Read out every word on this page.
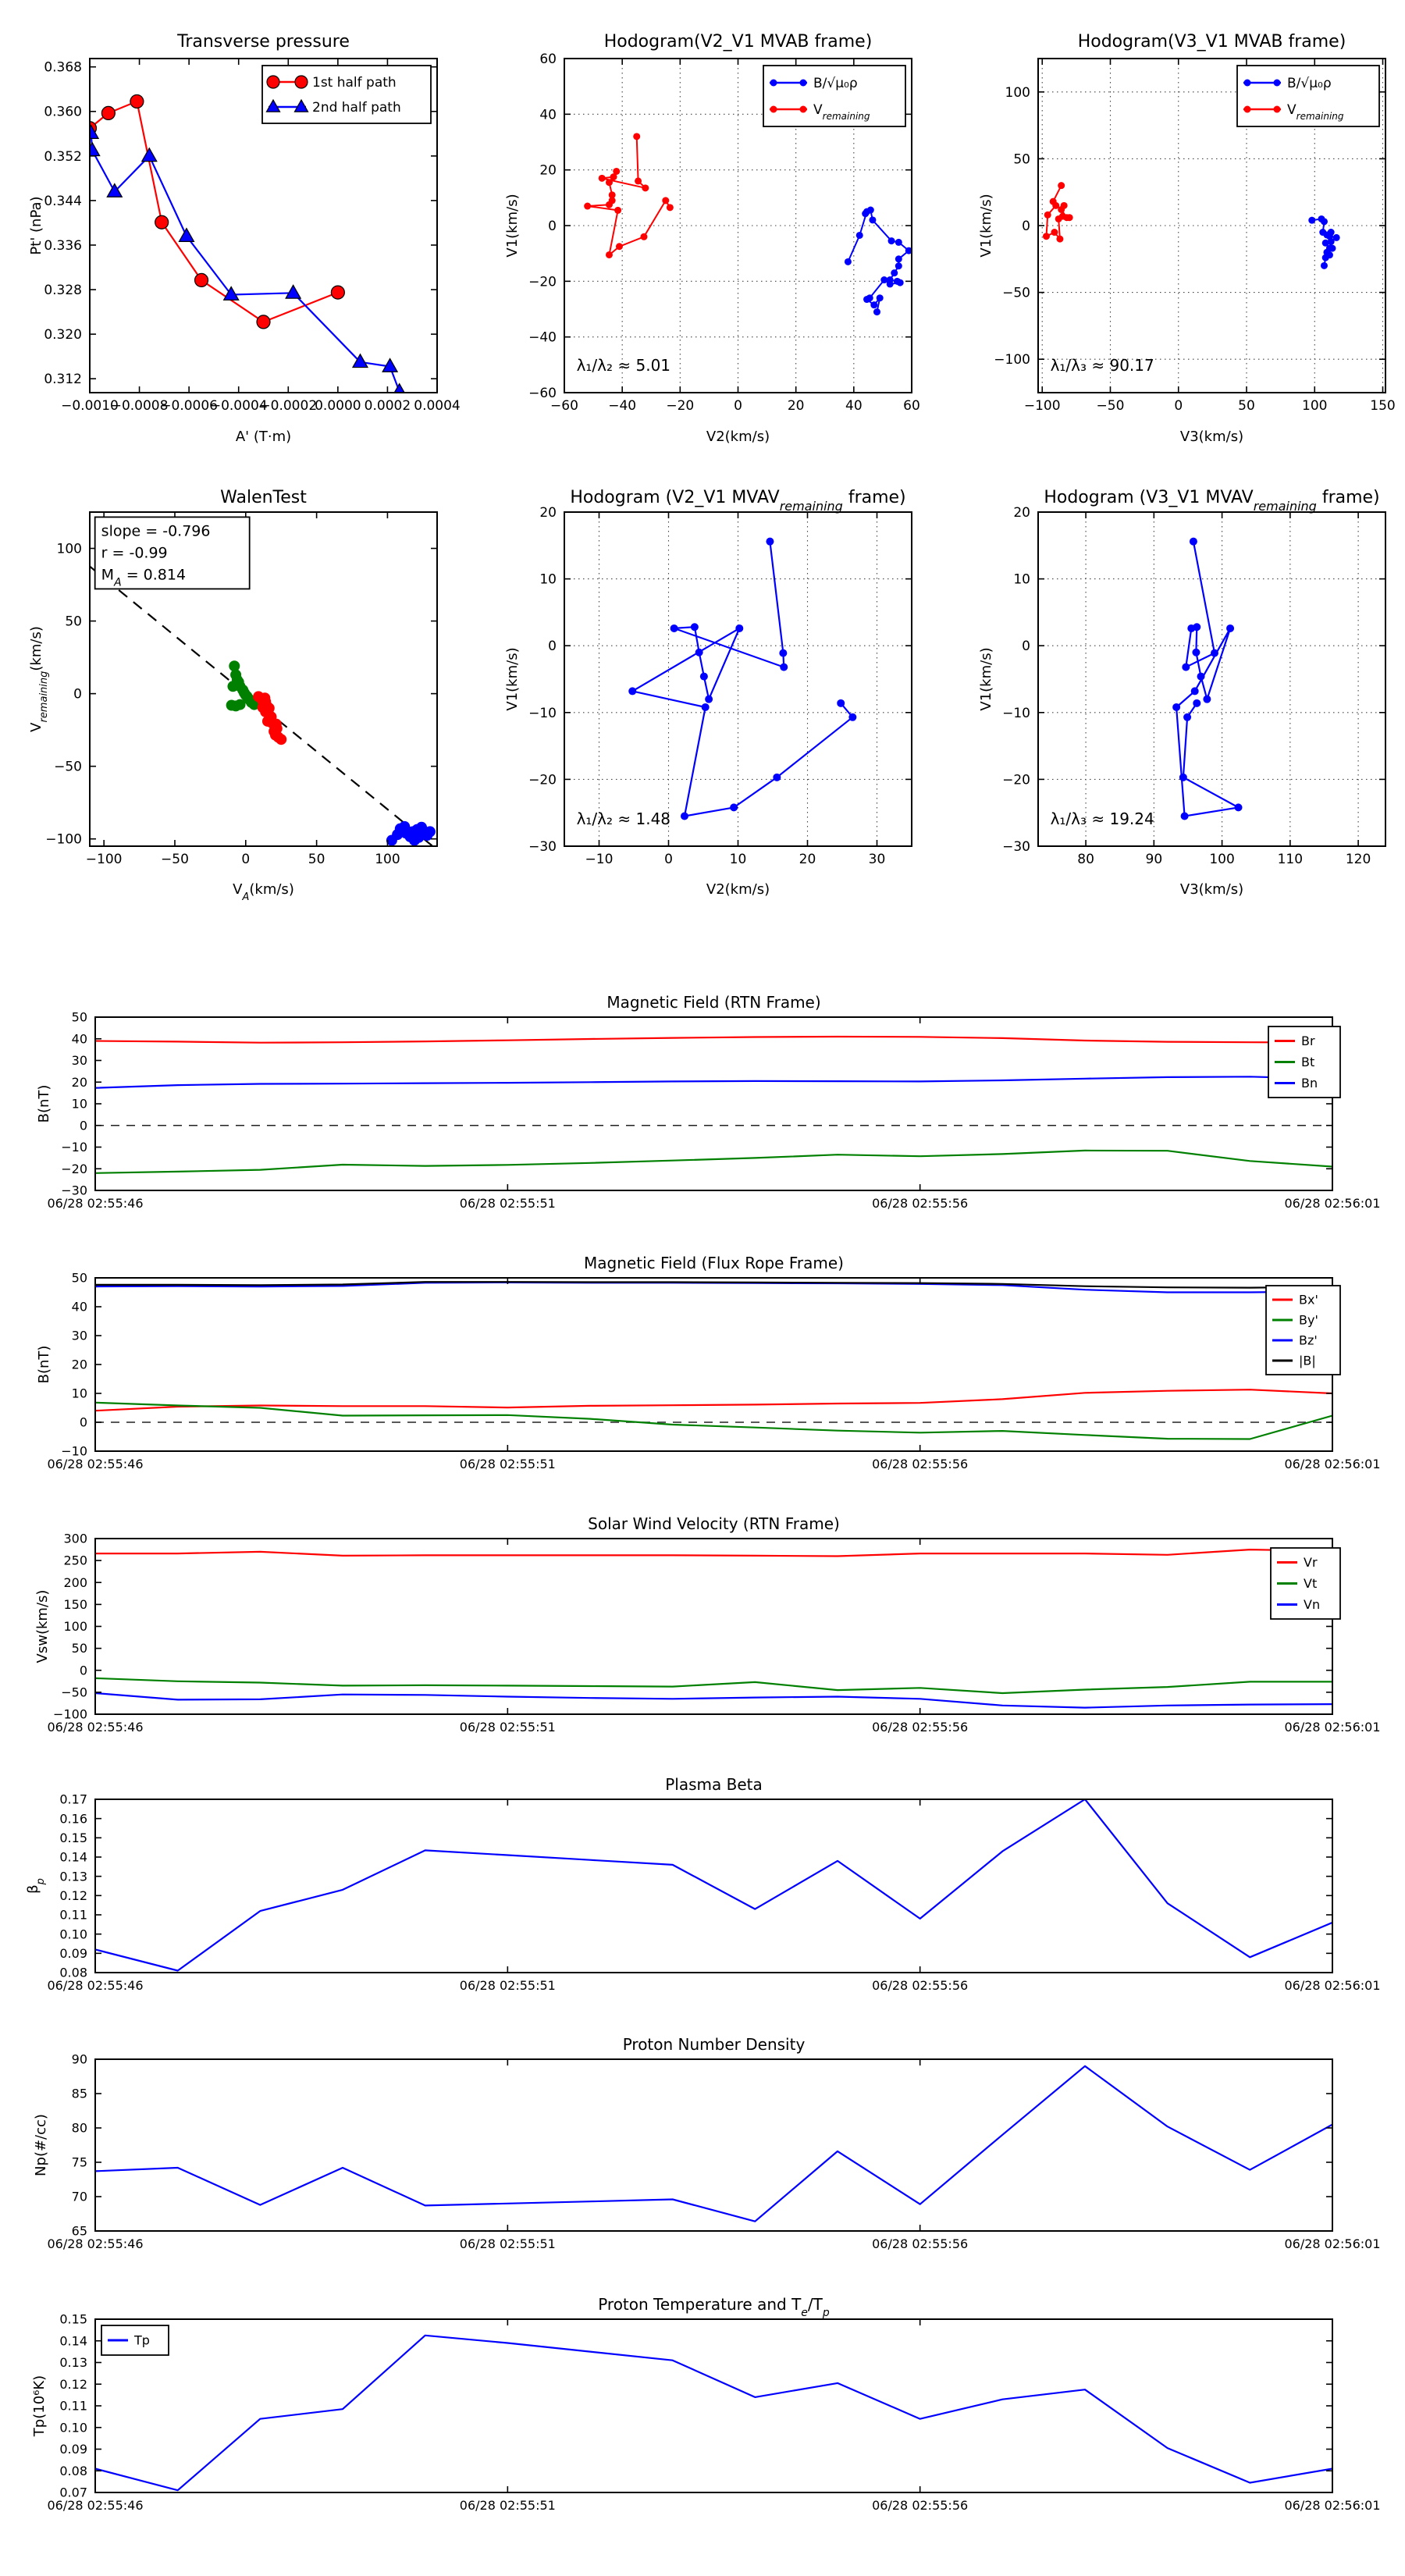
−0.0010
−0.0008
−0.0006
−0.0004
−0.0002
0.0000 0.0002 0.0004
0.312
0.320
0.328
0.336
0.344
0.352
0.360
0.368
Transverse pressure
A' (T·m)
Pt' (nPa)
1st half path
2nd half path
−60 −40 −20	0	20	40	60
−60
−40
−20
0
20
40
60
Hodogram(V2_V1 MVAB frame)
V2(km/s)
V1(km/s)
λ₁/λ₂ ≈ 5.01
B/√μ₀ρ
$V_{remaining}$
−100	−50	0	50	100	150
−100
−50
0
50
100
Hodogram(V3_V1 MVAB frame)
V3(km/s)
V1(km/s)
λ₁/λ₃ ≈ 90.17
B/√μ₀ρ
$V_{remaining}$
−100	−50	0	50	100
−100
−50
0
50
100
WalenTest
$V_A(km/s)$
$V_{remaining}(km/s)$
slope = -0.796
r = -0.99
$M_A = 0.814$
−10	0	10	20	30
−30
−20
−10
0
10
20
Hodogram (V2_V1 $MVAV_{remaining}$ frame)
V2(km/s)
V1(km/s)
λ₁/λ₂ ≈ 1.48
80	90	100	110	120
−30
−20
−10
0
10
20
Hodogram (V3_V1 $MVAV_{remaining}$ frame)
V3(km/s)
V1(km/s)
λ₁/λ₃ ≈ 19.24
06/28 02:55:46	06/28 02:55:51	06/28 02:55:56	06/28 02:56:01
−30
−20
−10
0
10
20
30
40
50
Magnetic Field (RTN Frame)
B(nT)
Br
Bt
Bn
06/28 02:55:46	06/28 02:55:51	06/28 02:55:56	06/28 02:56:01
−10
0
10
20
30
40
50
Magnetic Field (Flux Rope Frame)
B(nT)
Bx'
By'
Bz'
|B|
06/28 02:55:46	06/28 02:55:51	06/28 02:55:56	06/28 02:56:01
−100
−50
0
50
100
150
200
250
300
Solar Wind Velocity (RTN Frame)
Vsw(km/s)
Vr
Vt
Vn
06/28 02:55:46	06/28 02:55:51	06/28 02:55:56	06/28 02:56:01
0.08
0.09
0.10
0.11
0.12
0.13
0.14
0.15
0.16
0.17
Plasma Beta
$\beta_p$
06/28 02:55:46	06/28 02:55:51	06/28 02:55:56	06/28 02:56:01
65
70
75
80
85
90
Proton Number Density
Np(#/cc)
06/28 02:55:46	06/28 02:55:51	06/28 02:55:56	06/28 02:56:01
0.07
0.08
0.09
0.10
0.11
0.12
0.13
0.14
0.15
Proton Temperature and $T_e/T_p$
Tp(10⁶K)
Tp
